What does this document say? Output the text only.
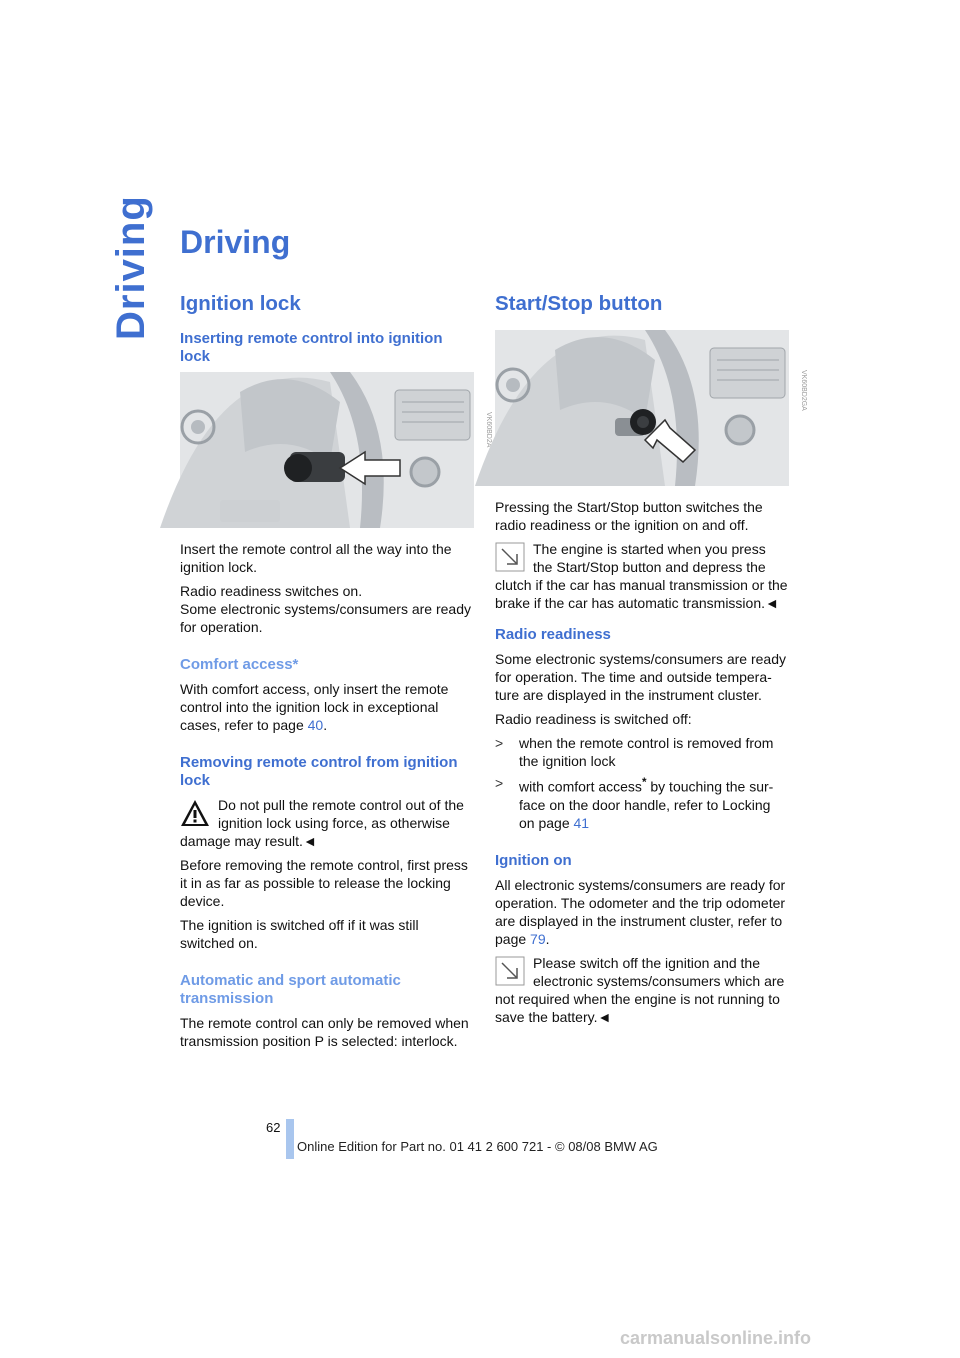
Driving Driving
Ignition lock
Inserting remote control into ignition lock
VK60BD2A

Insert the remote control all the way into the ignition lock.

Radio readiness switches on.
Some electronic systems/consumers are ready for operation.

Comfort access*

With comfort access, only insert the remote control into the ignition lock in exceptional cases, refer to page 40.

Removing remote control from ignition lock

Do not pull the remote control out of the ignition lock using force, as otherwise damage may result.◄

Before removing the remote control, first press it in as far as possible to release the locking device.

The ignition is switched off if it was still switched on.

Automatic and sport automatic transmission

The remote control can only be removed when transmission position P is selected: interlock.

Start/Stop button
VK60BD2GA

Pressing the Start/Stop button switches the radio readiness or the ignition on and off.

The engine is started when you press the Start/Stop button and depress the clutch if the car has manual transmission or the brake if the car has automatic transmission.◄

Radio readiness

Some electronic systems/consumers are ready for operation. The time and outside tempera-ture are displayed in the instrument cluster.

Radio readiness is switched off:

> when the remote control is removed from the ignition lock
> with comfort access* by touching the sur-face on the door handle, refer to Locking on page 41
Ignition on

All electronic systems/consumers are ready for operation. The odometer and the trip odometer are displayed in the instrument cluster, refer to page 79.

Please switch off the ignition and the electronic systems/consumers which are not required when the engine is not running to save the battery.◄

62
Online Edition for Part no. 01 41 2 600 721 - © 08/08 BMW AG
carmanualsonline.info
